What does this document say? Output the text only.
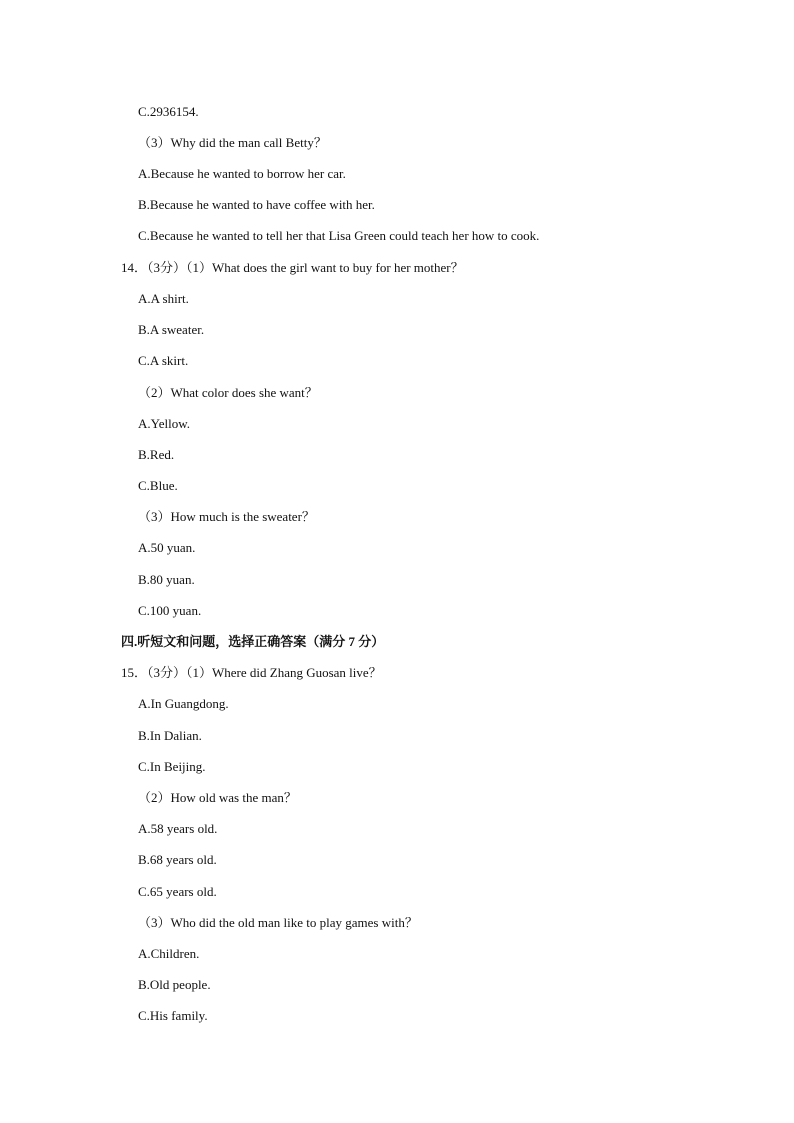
C.2936154.
（3）Why did the man call Betty？
A.Because he wanted to borrow her car.
B.Because he wanted to have coffee with her.
C.Because he wanted to tell her that Lisa Green could teach her how to cook.
14．（3分）（1）What does the girl want to buy for her mother？
A.A shirt.
B.A sweater.
C.A skirt.
（2）What color does she want？
A.Yellow.
B.Red.
C.Blue.
（3）How much is the sweater？
A.50 yuan.
B.80 yuan.
C.100 yuan.
四.听短文和问题，选择正确答案（满分 7 分）
15．（3分）（1）Where did Zhang Guosan live？
A.In Guangdong.
B.In Dalian.
C.In Beijing.
（2）How old was the man？
A.58 years old.
B.68 years old.
C.65 years old.
（3）Who did the old man like to play games with？
A.Children.
B.Old people.
C.His family.
